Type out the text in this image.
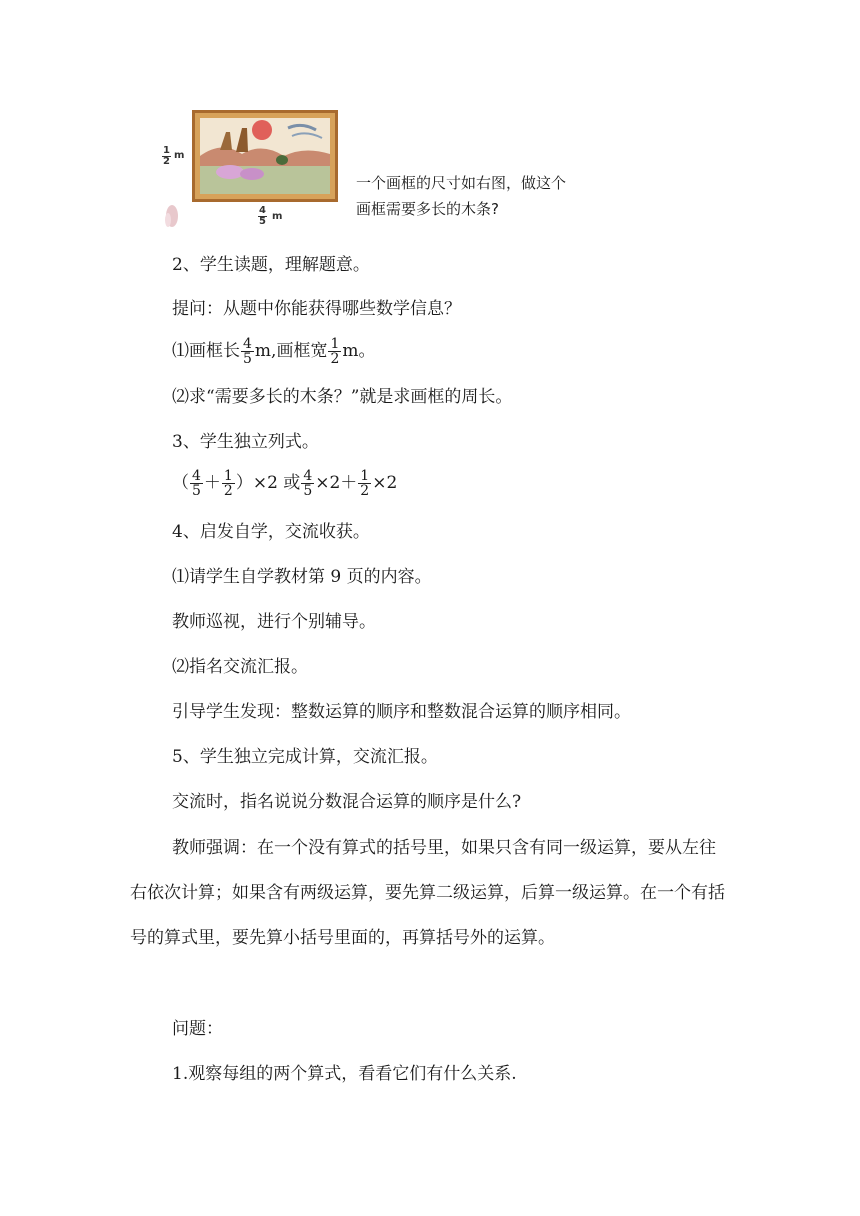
$\frac{1}{2}$ m
$\frac{4}{5}$ m
一个画框的尺寸如右图，做这个
画框需要多长的木条?
2、学生读题，理解题意。
提问：从题中你能获得哪些数学信息？
⑴画框长 $\frac{4}{5} m$,画框宽 $\frac{1}{2}$ m。
⑵求“需要多长的木条？”就是求画框的周长。
3、学生独立列式。
（ $\frac{4}{5} + \frac{1}{2} )\times 2$ 或 $\frac{4}{5} \times 2+ \frac{1}{2} \times 2$
4、启发自学，交流收获。
⑴请学生自学教材第 9 页的内容。
教师巡视，进行个别辅导。
⑵指名交流汇报。
引导学生发现：整数运算的顺序和整数混合运算的顺序相同。
5、学生独立完成计算，交流汇报。
交流时，指名说说分数混合运算的顺序是什么?
教师强调：在一个没有算式的括号里，如果只含有同一级运算，要从左往右依次计算；如果含有两级运算，要先算二级运算，后算一级运算。在一个有括号的算式里，要先算小括号里面的，再算括号外的运算。
问题：
1.观察每组的两个算式，看看它们有什么关系.
